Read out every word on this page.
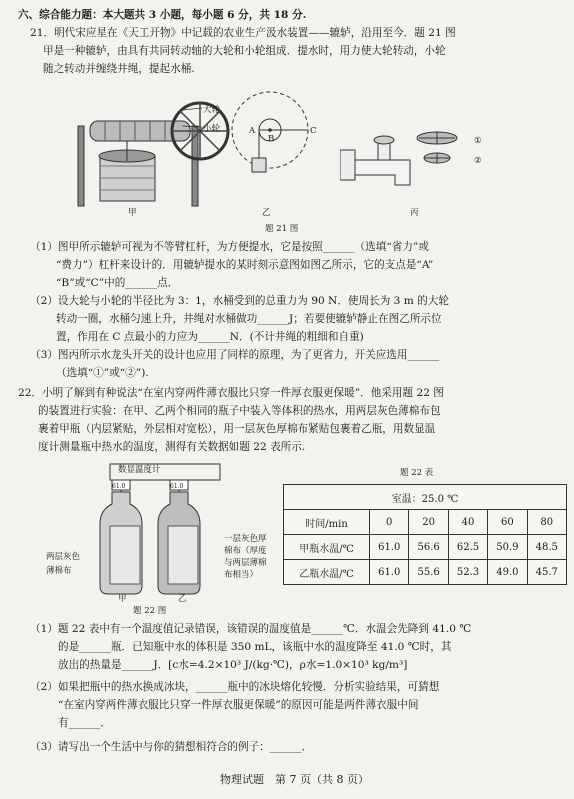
六、综合能力题：本大题共 3 小题，每小题 6 分，共 18 分.
21．明代宋应星在《天工开物》中记载的农业生产汲水装置——辘轳，沿用至今．题 21 图
甲是一种辘轳，由具有共同转动轴的大轮和小轮组成．提水时，用力使大轮转动，小轮
随之转动并缠绕井绳，提起水桶.
大轮
小轮
甲
A
B
C
乙
①
②
丙
题 21 图
（1）图甲所示辘轳可视为不等臂杠杆，为方便提水，它是按照______（选填“省力”或
“费力”）杠杆来设计的．用辘轳提水的某时刻示意图如图乙所示，它的支点是“A”
“B”或“C”中的______点．
（2）设大轮与小轮的半径比为 3：1，水桶受到的总重力为 90 N．使周长为 3 m 的大轮
转动一圈，水桶匀速上升，井绳对水桶做功______J；若要使辘轳静止在图乙所示位
置，作用在 C 点最小的力应为______N．(不计井绳的粗细和自重)
（3）图丙所示水龙头开关的设计也应用了同样的原理，为了更省力，开关应选用______
（选填“①”或“②”).
22．小明了解到有种说法“在室内穿两件薄衣服比只穿一件厚衣服更保暖”．他采用题 22 图
的装置进行实验：在甲、乙两个相同的瓶子中装入等体积的热水，用两层灰色薄棉布包
裹着甲瓶（内层紧贴，外层相对宽松），用一层灰色厚棉布紧贴包裹着乙瓶，用数显温
度计测量瓶中热水的温度，测得有关数据如题 22 表所示.
数显温度计
61.0	61.0
两层灰色
薄棉布
一层灰色厚
棉布（厚度
与两层薄棉
布相当）
甲	乙
题 22 图
题 22 表
室温：25.0 ℃					
时间/min	0	20	40	60	80
甲瓶水温/℃	61.0	56.6	62.5	50.9	48.5
乙瓶水温/℃	61.0	55.6	52.3	49.0	45.7
（1）题 22 表中有一个温度值记录错误，该错误的温度值是______℃．水温会先降到 41.0 ℃
的是______瓶．已知瓶中水的体积是 350 mL，该瓶中水的温度降至 41.0 ℃时，其
放出的热量是______J．[c水=4.2×10³ J/(kg·℃)，ρ水=1.0×10³ kg/m³]
（2）如果把瓶中的热水换成冰块，______瓶中的冰块熔化较慢．分析实验结果，可猜想
“在室内穿两件薄衣服比只穿一件厚衣服更保暖”的原因可能是两件薄衣服中间
有______．
（3）请写出一个生活中与你的猜想相符合的例子：______．
物理试题　第 7 页（共 8 页）
